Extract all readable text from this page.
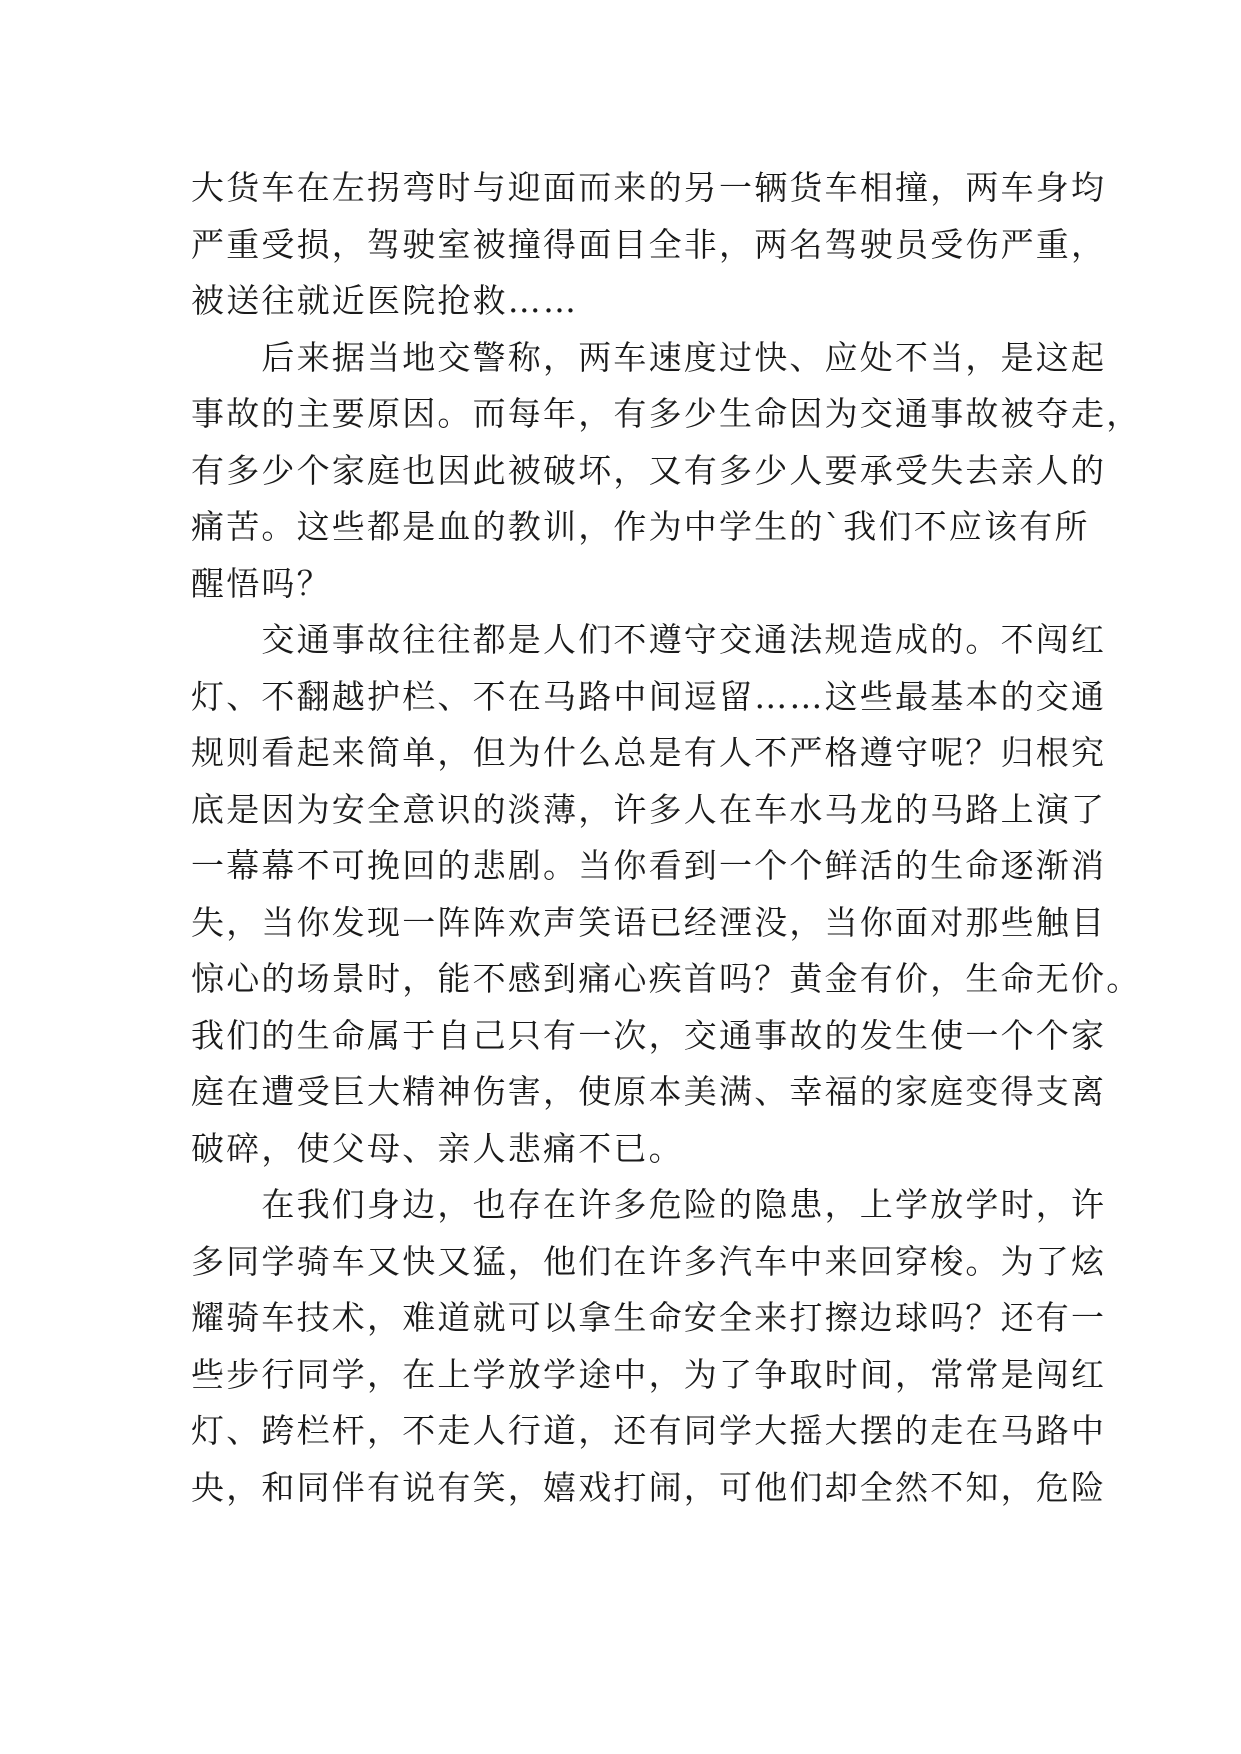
大货车在左拐弯时与迎面而来的另一辆货车相撞，两车身均
严重受损，驾驶室被撞得面目全非，两名驾驶员受伤严重，
被送往就近医院抢救……

　　后来据当地交警称，两车速度过快、应处不当，是这起
事故的主要原因。而每年，有多少生命因为交通事故被夺走，
有多少个家庭也因此被破坏，又有多少人要承受失去亲人的
痛苦。这些都是血的教训，作为中学生的`我们不应该有所
醒悟吗？

　　交通事故往往都是人们不遵守交通法规造成的。不闯红
灯、不翻越护栏、不在马路中间逗留……这些最基本的交通
规则看起来简单，但为什么总是有人不严格遵守呢？归根究
底是因为安全意识的淡薄，许多人在车水马龙的马路上演了
一幕幕不可挽回的悲剧。当你看到一个个鲜活的生命逐渐消
失，当你发现一阵阵欢声笑语已经湮没，当你面对那些触目
惊心的场景时，能不感到痛心疾首吗？黄金有价，生命无价。
我们的生命属于自己只有一次，交通事故的发生使一个个家
庭在遭受巨大精神伤害，使原本美满、幸福的家庭变得支离
破碎，使父母、亲人悲痛不已。

　　在我们身边，也存在许多危险的隐患，上学放学时，许
多同学骑车又快又猛，他们在许多汽车中来回穿梭。为了炫
耀骑车技术，难道就可以拿生命安全来打擦边球吗？还有一
些步行同学，在上学放学途中，为了争取时间，常常是闯红
灯、跨栏杆，不走人行道，还有同学大摇大摆的走在马路中
央，和同伴有说有笑，嬉戏打闹，可他们却全然不知，危险
